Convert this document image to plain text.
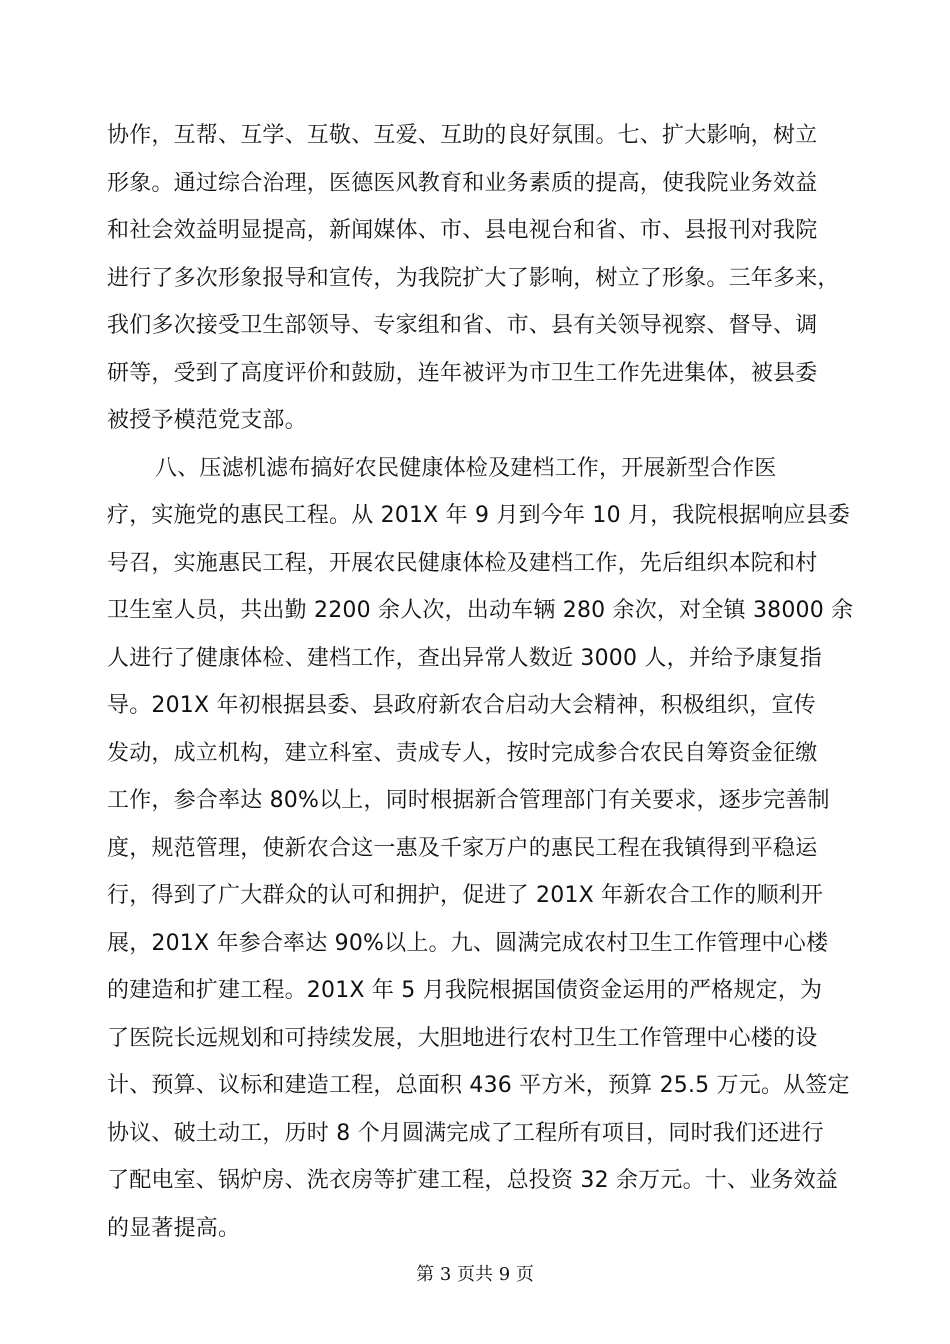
协作，互帮、互学、互敬、互爱、互助的良好氛围。七、扩大影响，树立
形象。通过综合治理，医德医风教育和业务素质的提高，使我院业务效益
和社会效益明显提高，新闻媒体、市、县电视台和省、市、县报刊对我院
进行了多次形象报导和宣传，为我院扩大了影响，树立了形象。三年多来，
我们多次接受卫生部领导、专家组和省、市、县有关领导视察、督导、调
研等，受到了高度评价和鼓励，连年被评为市卫生工作先进集体，被县委
被授予模范党支部。
八、压滤机滤布搞好农民健康体检及建档工作，开展新型合作医
疗，实施党的惠民工程。从 201X 年 9 月到今年 10 月，我院根据响应县委
号召，实施惠民工程，开展农民健康体检及建档工作，先后组织本院和村
卫生室人员，共出勤 2200 余人次，出动车辆 280 余次，对全镇 38000 余
人进行了健康体检、建档工作，查出异常人数近 3000 人，并给予康复指
导。201X 年初根据县委、县政府新农合启动大会精神，积极组织，宣传
发动，成立机构，建立科室、责成专人，按时完成参合农民自筹资金征缴
工作，参合率达 80%以上，同时根据新合管理部门有关要求，逐步完善制
度，规范管理，使新农合这一惠及千家万户的惠民工程在我镇得到平稳运
行，得到了广大群众的认可和拥护，促进了 201X 年新农合工作的顺利开
展，201X 年参合率达 90%以上。九、圆满完成农村卫生工作管理中心楼
的建造和扩建工程。201X 年 5 月我院根据国债资金运用的严格规定，为
了医院长远规划和可持续发展，大胆地进行农村卫生工作管理中心楼的设
计、预算、议标和建造工程，总面积 436 平方米，预算 25.5 万元。从签定
协议、破土动工，历时 8 个月圆满完成了工程所有项目，同时我们还进行
了配电室、锅炉房、洗衣房等扩建工程，总投资 32 余万元。十、业务效益
的显著提高。
第 3 页共 9 页
